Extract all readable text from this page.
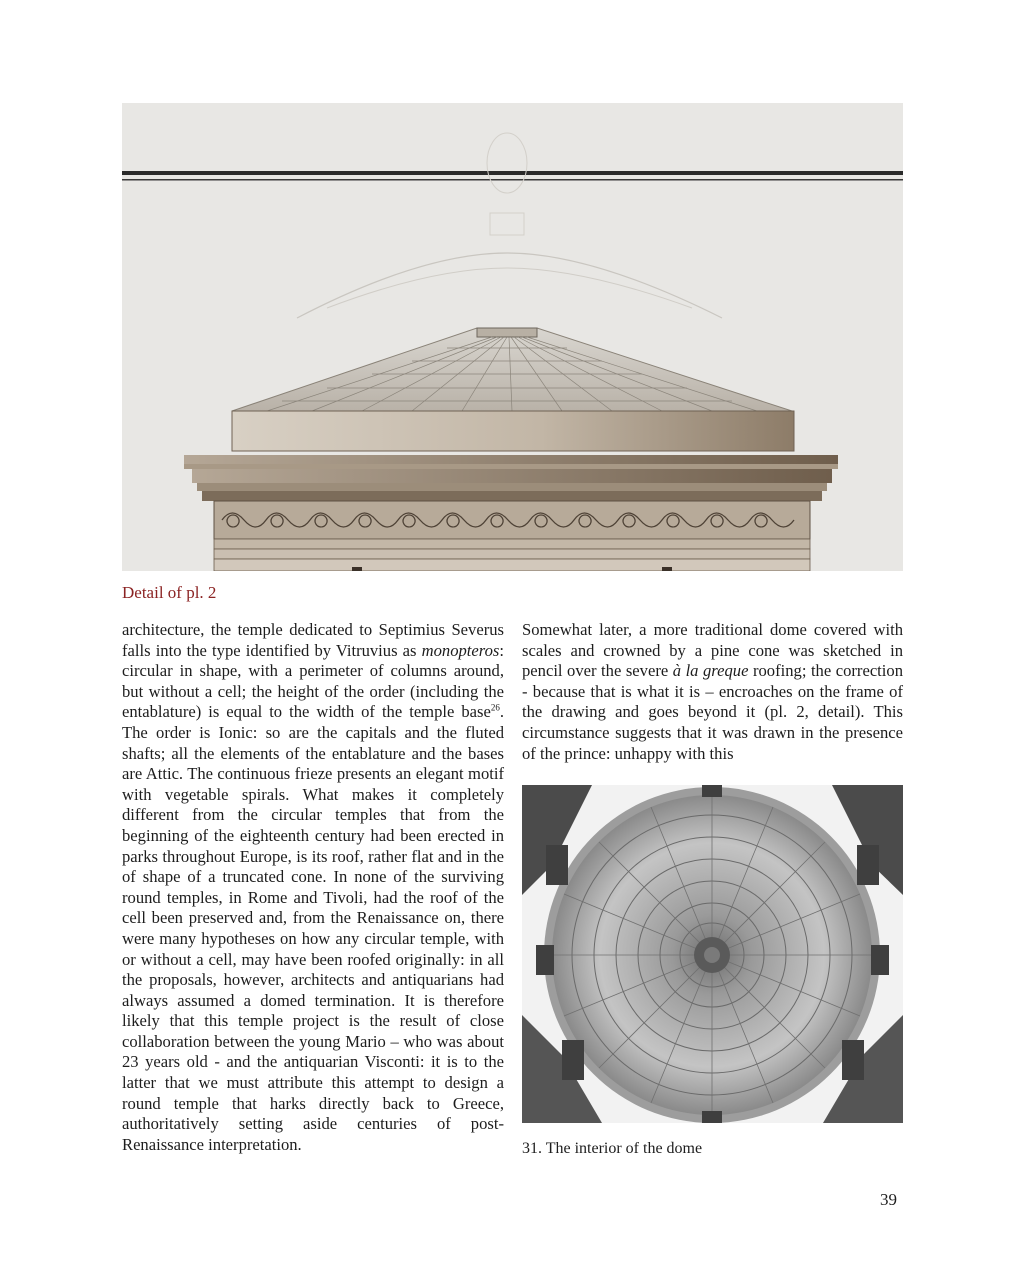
Detail of pl. 2

architecture, the temple dedicated to Septimius Severus falls into the type identified by Vitruvius as monopteros: circular in shape, with a perimeter of columns around, but without a cell; the height of the order (including the entablature) is equal to the width of the temple base$^{26}$. The order is Ionic: so are the capitals and the fluted shafts; all the elements of the entablature and the bases are Attic. The continuous frieze presents an elegant motif with vegetable spirals. What makes it completely different from the circular temples that from the beginning of the eighteenth century had been erected in parks throughout Europe, is its roof, rather flat and in the of shape of a truncated cone. In none of the surviving round temples, in Rome and Tivoli, had the roof of the cell been preserved and, from the Renaissance on, there were many hypotheses on how any circular temple, with or without a cell, may have been roofed originally: in all the proposals, however, architects and antiquarians had always assumed a domed termination. It is therefore likely that this temple project is the result of close collaboration between the young Mario – who was about 23 years old - and the antiquarian Visconti: it is to the latter that we must attribute this attempt to design a round temple that harks directly back to Greece, authoritatively setting aside centuries of post-Renaissance interpretation.

Somewhat later, a more traditional dome covered with scales and crowned by a pine cone was sketched in pencil over the severe à la greque roofing; the correction - because that is what it is – encroaches on the frame of the drawing and goes beyond it (pl. 2, detail). This circumstance suggests that it was drawn in the presence of the prince: unhappy with this

31. The interior of the dome
39
